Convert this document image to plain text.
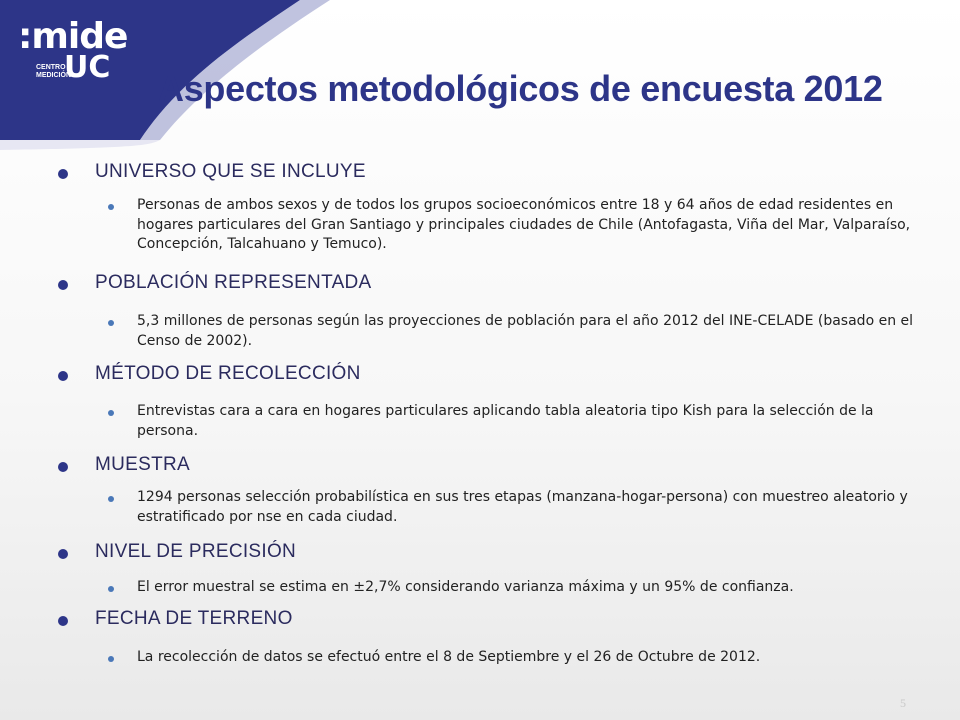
:mide
CENTRO
MEDICIÓN
UC
Aspectos metodológicos de encuesta 2012
UNIVERSO QUE SE INCLUYE
Personas de ambos sexos y de todos los grupos socioeconómicos entre 18 y 64 años de edad residentes en hogares particulares del Gran Santiago y principales ciudades de Chile (Antofagasta, Viña del Mar, Valparaíso, Concepción, Talcahuano y Temuco).
POBLACIÓN REPRESENTADA
5,3 millones de personas según las proyecciones de población para el año 2012 del INE-CELADE (basado en el Censo de 2002).
MÉTODO DE RECOLECCIÓN
Entrevistas cara a cara en hogares particulares aplicando tabla aleatoria tipo Kish para la selección de la persona.
MUESTRA
1294 personas selección probabilística en sus tres etapas (manzana-hogar-persona) con muestreo aleatorio y estratificado por nse en cada ciudad.
NIVEL DE PRECISIÓN
El error muestral se estima en ±2,7% considerando varianza máxima y un 95% de confianza.
FECHA DE TERRENO
La recolección de datos se efectuó entre el 8 de Septiembre y el 26 de Octubre de 2012.
5
